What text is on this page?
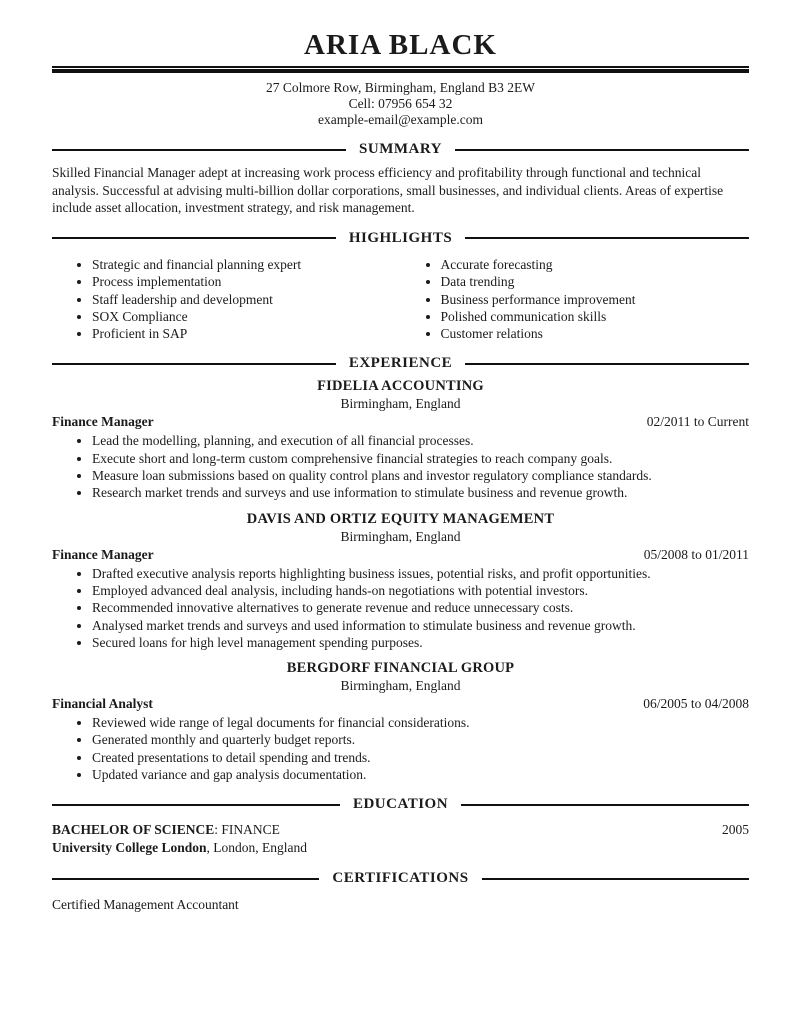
ARIA BLACK
27 Colmore Row, Birmingham, England B3 2EW
Cell: 07956 654 32
example-email@example.com
SUMMARY

Skilled Financial Manager adept at increasing work process efficiency and profitability through functional and technical analysis. Successful at advising multi-billion dollar corporations, small businesses, and individual clients. Areas of expertise include asset allocation, investment strategy, and risk management.

HIGHLIGHTS
• Strategic and financial planning expert
• Process implementation
• Staff leadership and development
• SOX Compliance
• Proficient in SAP
• Accurate forecasting
• Data trending
• Business performance improvement
• Polished communication skills
• Customer relations
EXPERIENCE
FIDELIA ACCOUNTING
Birmingham, England
Finance Manager	02/2011 to Current
• Lead the modelling, planning, and execution of all financial processes.
• Execute short and long-term custom comprehensive financial strategies to reach company goals.
• Measure loan submissions based on quality control plans and investor regulatory compliance standards.
• Research market trends and surveys and use information to stimulate business and revenue growth.
DAVIS AND ORTIZ EQUITY MANAGEMENT
Birmingham, England
Finance Manager	05/2008 to 01/2011
• Drafted executive analysis reports highlighting business issues, potential risks, and profit opportunities.
• Employed advanced deal analysis, including hands-on negotiations with potential investors.
• Recommended innovative alternatives to generate revenue and reduce unnecessary costs.
• Analysed market trends and surveys and used information to stimulate business and revenue growth.
• Secured loans for high level management spending purposes.
BERGDORF FINANCIAL GROUP
Birmingham, England
Financial Analyst	06/2005 to 04/2008
• Reviewed wide range of legal documents for financial considerations.
• Generated monthly and quarterly budget reports.
• Created presentations to detail spending and trends.
• Updated variance and gap analysis documentation.
EDUCATION
BACHELOR OF SCIENCE: FINANCE	2005
University College London, London, England
CERTIFICATIONS

Certified Management Accountant
